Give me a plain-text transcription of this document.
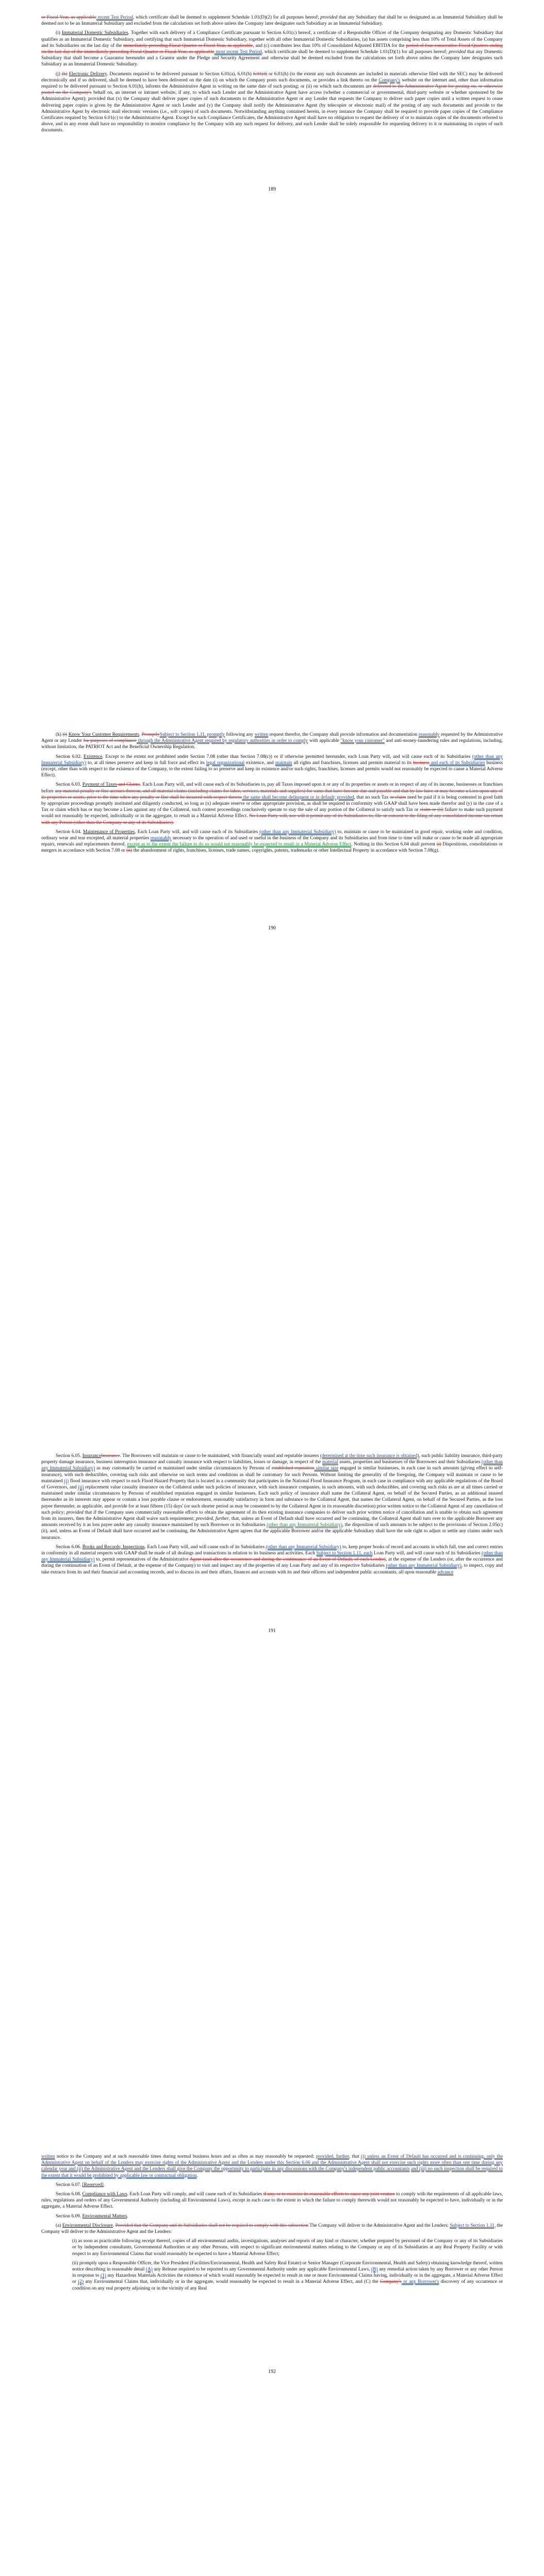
or Fiscal Year, as applicable recent Test Period, which certificate shall be deemed to supplement Schedule 1.01(D)(2) for all purposes hereof; provided that any Subsidiary that shall be so designated as an Immaterial Subsidiary shall be deemed not to be an Immaterial Subsidiary and excluded from the calculations set forth above unless the Company later designates such Subsidiary as an Immaterial Subsidiary.

(i) Immaterial Domestic Subsidiaries. Together with each delivery of a Compliance Certificate pursuant to Section 6.01(c) hereof, a certificate of a Responsible Officer of the Company designating any Domestic Subsidiary that qualifies as an Immaterial Domestic Subsidiary, and certifying that such Immaterial Domestic Subsidiary, together with all other Immaterial Domestic Subsidiaries, (a) has assets comprising less than 10% of Total Assets of the Company and its Subsidiaries on the last day of the immediately preceding Fiscal Quarter or Fiscal Year, as applicable, and (c) contributes less than 10% of Consolidated Adjusted EBITDA for the period of four consecutive Fiscal Quarters ending on the last day of the immediately preceding Fiscal Quarter or Fiscal Year, as applicable most recent Test Period, which certificate shall be deemed to supplement Schedule 1.01(D)(1) for all purposes hereof; provided that any Domestic Subsidiary that shall become a Guarantor hereunder and a Grantor under the Pledge and Security Agreement and otherwise shall be deemed excluded from the calculations set forth above unless the Company later designates such Subsidiary as an Immaterial Domestic Subsidiary.

(j) (k) Electronic Delivery. Documents required to be delivered pursuant to Section 6.01(a), 6.01(b) 6.01(d) or 6.01(h) (to the extent any such documents are included in materials otherwise filed with the SEC) may be delivered electronically and if so delivered, shall be deemed to have been delivered on the date (i) on which the Company posts such documents, or provides a link thereto on the Company's website on the internet and, other than information required to be delivered pursuant to Section 6.01(h), informs the Administrative Agent in writing on the same date of such posting; or (ii) on which such documents are delivered to the Administrative Agent for posting on, or otherwise posted on the Company's behalf on, an internet or intranet website, if any, to which each Lender and the Administrative Agent have access (whether a commercial or governmental, third-party website or whether sponsored by the Administrative Agent); provided that (x) the Company shall deliver paper copies of such documents to the Administrative Agent or any Lender that requests the Company to deliver such paper copies until a written request to cease delivering paper copies is given by the Administrative Agent or such Lender and (y) the Company shall notify the Administrative Agent (by telecopier or electronic mail) of the posting of any such documents and provide to the Administrative Agent by electronic mail electronic versions (i.e., soft copies) of such documents. Notwithstanding anything contained herein, in every instance the Company shall be required to provide paper copies of the Compliance Certificates required by Section 6.01(c) to the Administrative Agent. Except for such Compliance Certificates, the Administrative Agent shall have no obligation to request the delivery of or to maintain copies of the documents referred to above, and in any event shall have no responsibility to monitor compliance by the Company with any such request for delivery, and each Lender shall be solely responsible for requesting delivery to it or maintaining its copies of such documents.

189

(k) (l) Know Your Customer Requirements. PromptlySubject to Section 1.11, promptly following any written request therefor, the Company shall provide information and documentation reasonably requested by the Administrative Agent or any Lender for purposes of compliance through the Administrative Agent required by regulatory authorities in order to comply with applicable "know your customer" and anti-money-laundering rules and regulations, including, without limitation, the PATRIOT Act and the Beneficial Ownership Regulation.

Section 6.02. Existence. Except to the extent not prohibited under Section 7.08 (other than Section 7.08(c)) or if otherwise permitted hereunder, each Loan Party will, and will cause each of its Subsidiaries (other than any Immaterial Subsidiary) to, at all times preserve and keep in full force and effect its legal organizational existence, and maintain all rights and franchises, licenses and permits material to its business and each of its Subsidiaries business (except, other than with respect to the existence of the Company, to the extent failing to so preserve and keep its existence and/or such rights, franchises, licenses and permits would not reasonably be expected to cause a Material Adverse Effect).

Section 6.03. Payment of Taxes and Claims. Each Loan Party will, and will cause each of its Subsidiaries to, pay all Taxes imposed upon it or any of its properties or assets or in respect of any of its income, businesses or franchises before any material penalty or fine accrues thereon, and all material claims (including claims for labor, services, materials and supplies) for sums that have become due and payable and that by law have or may become a Lien upon any of its properties or assets, prior to the time when any penalty or fine shall be incurred with respect thereto the same shall become delinquent or in default; provided, that no such Tax or claim need be paid if it is being contested in good faith by appropriate proceedings promptly instituted and diligently conducted, so long as (x) adequate reserve or other appropriate provision, as shall be required in conformity with GAAP shall have been made therefor and (y) in the case of a Tax or claim which has or may become a Lien against any of the Collateral, such contest proceedings conclusively operate to stay the sale of any portion of the Collateral to satisfy such Tax or claim or (ii) failure to make such payment would not reasonably be expected, individually or in the aggregate, to result in a Material Adverse Effect. No Loan Party will, nor will it permit any of its Subsidiaries to, file or consent to the filing of any consolidated income tax return with any Person (other than the Company or any of its Subsidiaries).

Section 6.04. Maintenance of Properties. Each Loan Party will, and will cause each of its Subsidiaries (other than any Immaterial Subsidiary) to, maintain or cause to be maintained in good repair, working order and condition, ordinary wear and tear excepted, all material properties reasonably necessary to the operation of and used or useful in the business of the Company and its Subsidiaries and from time to time will make or cause to be made all appropriate repairs, renewals and replacements thereof, except as to the extent the failure to do so would not reasonably be expected to result in a Material Adverse Effect. Nothing in this Section 6.04 shall prevent (i) Dispositions, consolidations or mergers in accordance with Section 7.08 or (ii) the abandonment of rights, franchises, licenses, trade names, copyrights, patents, trademarks or other Intellectual Property in accordance with Section 7.08(g).

190

Section 6.05. InsuranceInsurance. The Borrowers will maintain or cause to be maintained, with financially sound and reputable insurers (determined at the time such insurance is obtained), such public liability insurance, third-party property damage insurance, business interruption insurance and casualty insurance with respect to liabilities, losses or damage, in respect of the material assets, properties and businesses of the Borrowers and their Subsidiaries (other than any Immaterial Subsidiary) as may customarily be carried or maintained under similar circumstances by Persons of established reputation similar size engaged in similar businesses, in each case in such amounts (giving effect to self-insurance), with such deductibles, covering such risks and otherwise on such terms and conditions as shall be customary for such Persons. Without limiting the generality of the foregoing, the Company will maintain or cause to be maintained (i) flood insurance with respect to each Flood Hazard Property that is located in a community that participates in the National Flood Insurance Program, in each case in compliance with any applicable regulations of the Board of Governors, and (ii) replacement value casualty insurance on the Collateral under such policies of insurance, with such insurance companies, in such amounts, with such deductibles, and covering such risks as are at all times carried or maintained under similar circumstances by Persons of established reputation engaged in similar businesses. Each such policy of insurance shall name the Collateral Agent, on behalf of the Secured Parties, as an additional insured thereunder as its interests may appear or contain a loss payable clause or endorsement, reasonably satisfactory in form and substance to the Collateral Agent, that names the Collateral Agent, on behalf of the Secured Parties, as the loss payee thereunder, as applicable, and provide for at least fifteen (15) days' (or such shorter period as may be consented to by the Collateral Agent in its reasonable discretion) prior written notice to the Collateral Agent of any cancellation of such policy; provided that if the Company uses commercially reasonable efforts to obtain the agreement of its then existing insurance companies to deliver such prior written notice of cancellation and is unable to obtain such agreement from its insurers, then the Administrative Agent shall waive such requirement; provided, further, that, unless an Event of Default shall have occurred and be continuing, the Collateral Agent shall turn over to the applicable Borrower any amounts received by it as loss payee under any casualty insurance maintained by such Borrower or its Subsidiaries (other than any Immaterial Subsidiary), the disposition of such amounts to be subject to the provisions of Section 2.05(c)(ii), and, unless an Event of Default shall have occurred and be continuing, the Administrative Agent agrees that the applicable Borrower and/or the applicable Subsidiary shall have the sole right to adjust or settle any claims under such insurance.

Section 6.06. Books and Records; Inspections. Each Loan Party will, and will cause each of its Subsidiaries (other than any Immaterial Subsidiary) to, keep proper books of record and accounts in which full, true and correct entries in conformity in all material respects with GAAP shall be made of all dealings and transactions in relation to its business and activities. Each Subject to Section 1.11, each Loan Party will, and will cause each of its Subsidiaries (other than any Immaterial Subsidiary) to, permit representatives of the Administrative Agent (and after the occurrence and during the continuance of an Event of Default, of each Lender), at the expense of the Lenders (or, after the occurrence and during the continuation of an Event of Default, at the expense of the Company) to visit and inspect any of the properties of any Loan Party and any of its respective Subsidiaries (other than any Immaterial Subsidiary), to inspect, copy and take extracts from its and their financial and accounting records, and to discuss its and their affairs, finances and accounts with its and their officers and independent public accountants, all upon reasonable advance

191

written notice to the Company and at such reasonable times during normal business hours and as often as may reasonably be requested; provided, further, that (i) unless an Event of Default has occurred and is continuing, only the Administrative Agent on behalf of the Lenders may exercise rights of the Administrative Agent and the Lenders under this Section 6.06 and the Administrative Agent shall not exercise such rights more often than one time during any calendar year and (ii) the Administrative Agent and the Lenders shall give the Company the opportunity to participate in any discussions with the Company's independent public accountants and (iii) no such inspection shall be required to the extent that it would be prohibited by applicable law or contractual obligation.

Section 6.07. [Reserved].

Section 6.08. Compliance with Laws. Each Loan Party will comply, and will cause each of its Subsidiaries if any, or to exercise its reasonable efforts to cause any joint venture to comply with the requirements of all applicable laws, rules, regulations and orders of any Governmental Authority (including all Environmental Laws), except in each case to the extent in which the failure to comply therewith would not reasonably be expected to have, individually or in the aggregate, a Material Adverse Effect.

Section 6.09. Environmental Matters.

(a) Environmental Disclosure. Provided that the Company and its Subsidiaries shall not be required to comply with this subsection The Company will deliver to the Administrative Agent and the Lenders: Subject to Section 1.11, the Company will deliver to the Administrative Agent and the Lenders:

(i) as soon as practicable following receipt thereof, copies of all environmental audits, investigations, analyses and reports of any kind or character, whether prepared by personnel of the Company or any of its Subsidiaries or by independent consultants, Governmental Authorities or any other Persons, with respect to significant environmental matters relating to the Company or any of its Subsidiaries at any Real Property Facility or with respect to any Environmental Claims that would reasonably be expected to have a Material Adverse Effect;

(ii) promptly upon a Responsible Officer, the Vice President (Facilities/Environmental, Health and Safety Real Estate) or Senior Manager (Corporate Environmental, Health and Safety) obtaining knowledge thereof, written notice describing in reasonable detail (A) any Release required to be reported to any Governmental Authority under any applicable Environmental Laws, (B) any remedial action taken by any Borrower or any other Person in response to (1) any Hazardous Materials Activities the existence of which would reasonably be expected to result in one or more Environmental Claims having, individually or in the aggregate, a Material Adverse Effect or (2) any Environmental Claims that, individually or in the aggregate, would reasonably be expected to result in a Material Adverse Effect, and (C) the Company's or any Borrower's discovery of any occurrence or condition on any real property adjoining or in the vicinity of any Real

192
